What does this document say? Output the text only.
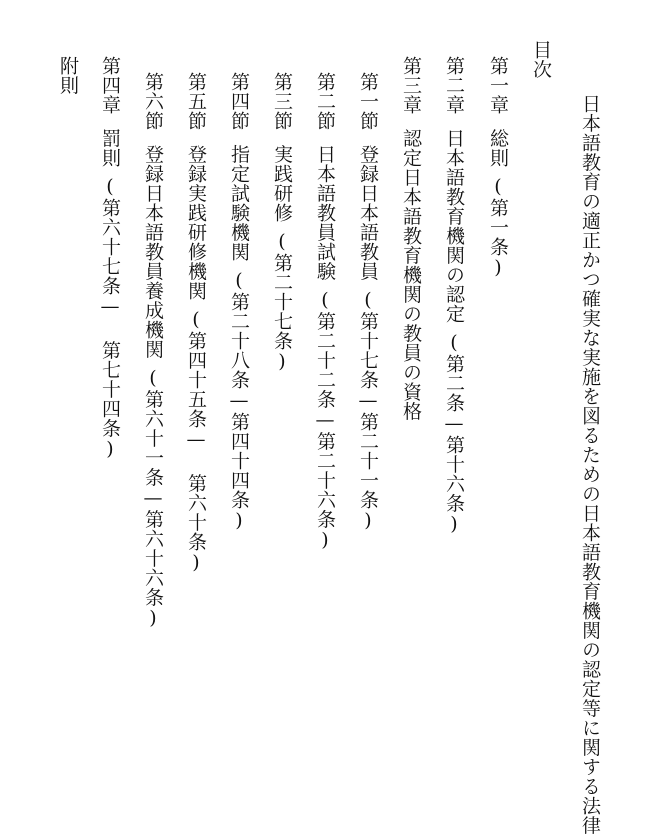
日本語教育の適正かつ確実な実施を図るための日本語教育機関の認定等に関する法律
目次
第一章総則(第一条)
第二章日本語教育機関の認定(第二条—第十六条)
第三章認定日本語教育機関の教員の資格
第一節登録日本語教員(第十七条—第二十一条)
第二節日本語教員試験(第二十二条—第二十六条)
第三節実践研修(第二十七条)
第四節指定試験機関(第二十八条—第四十四条)
第五節登録実践研修機関(第四十五条— 第六十条)
第六節登録日本語教員養成機関(第六十一条—第六十六条)
第四章罰則(第六十七条— 第七十四条)
附則
